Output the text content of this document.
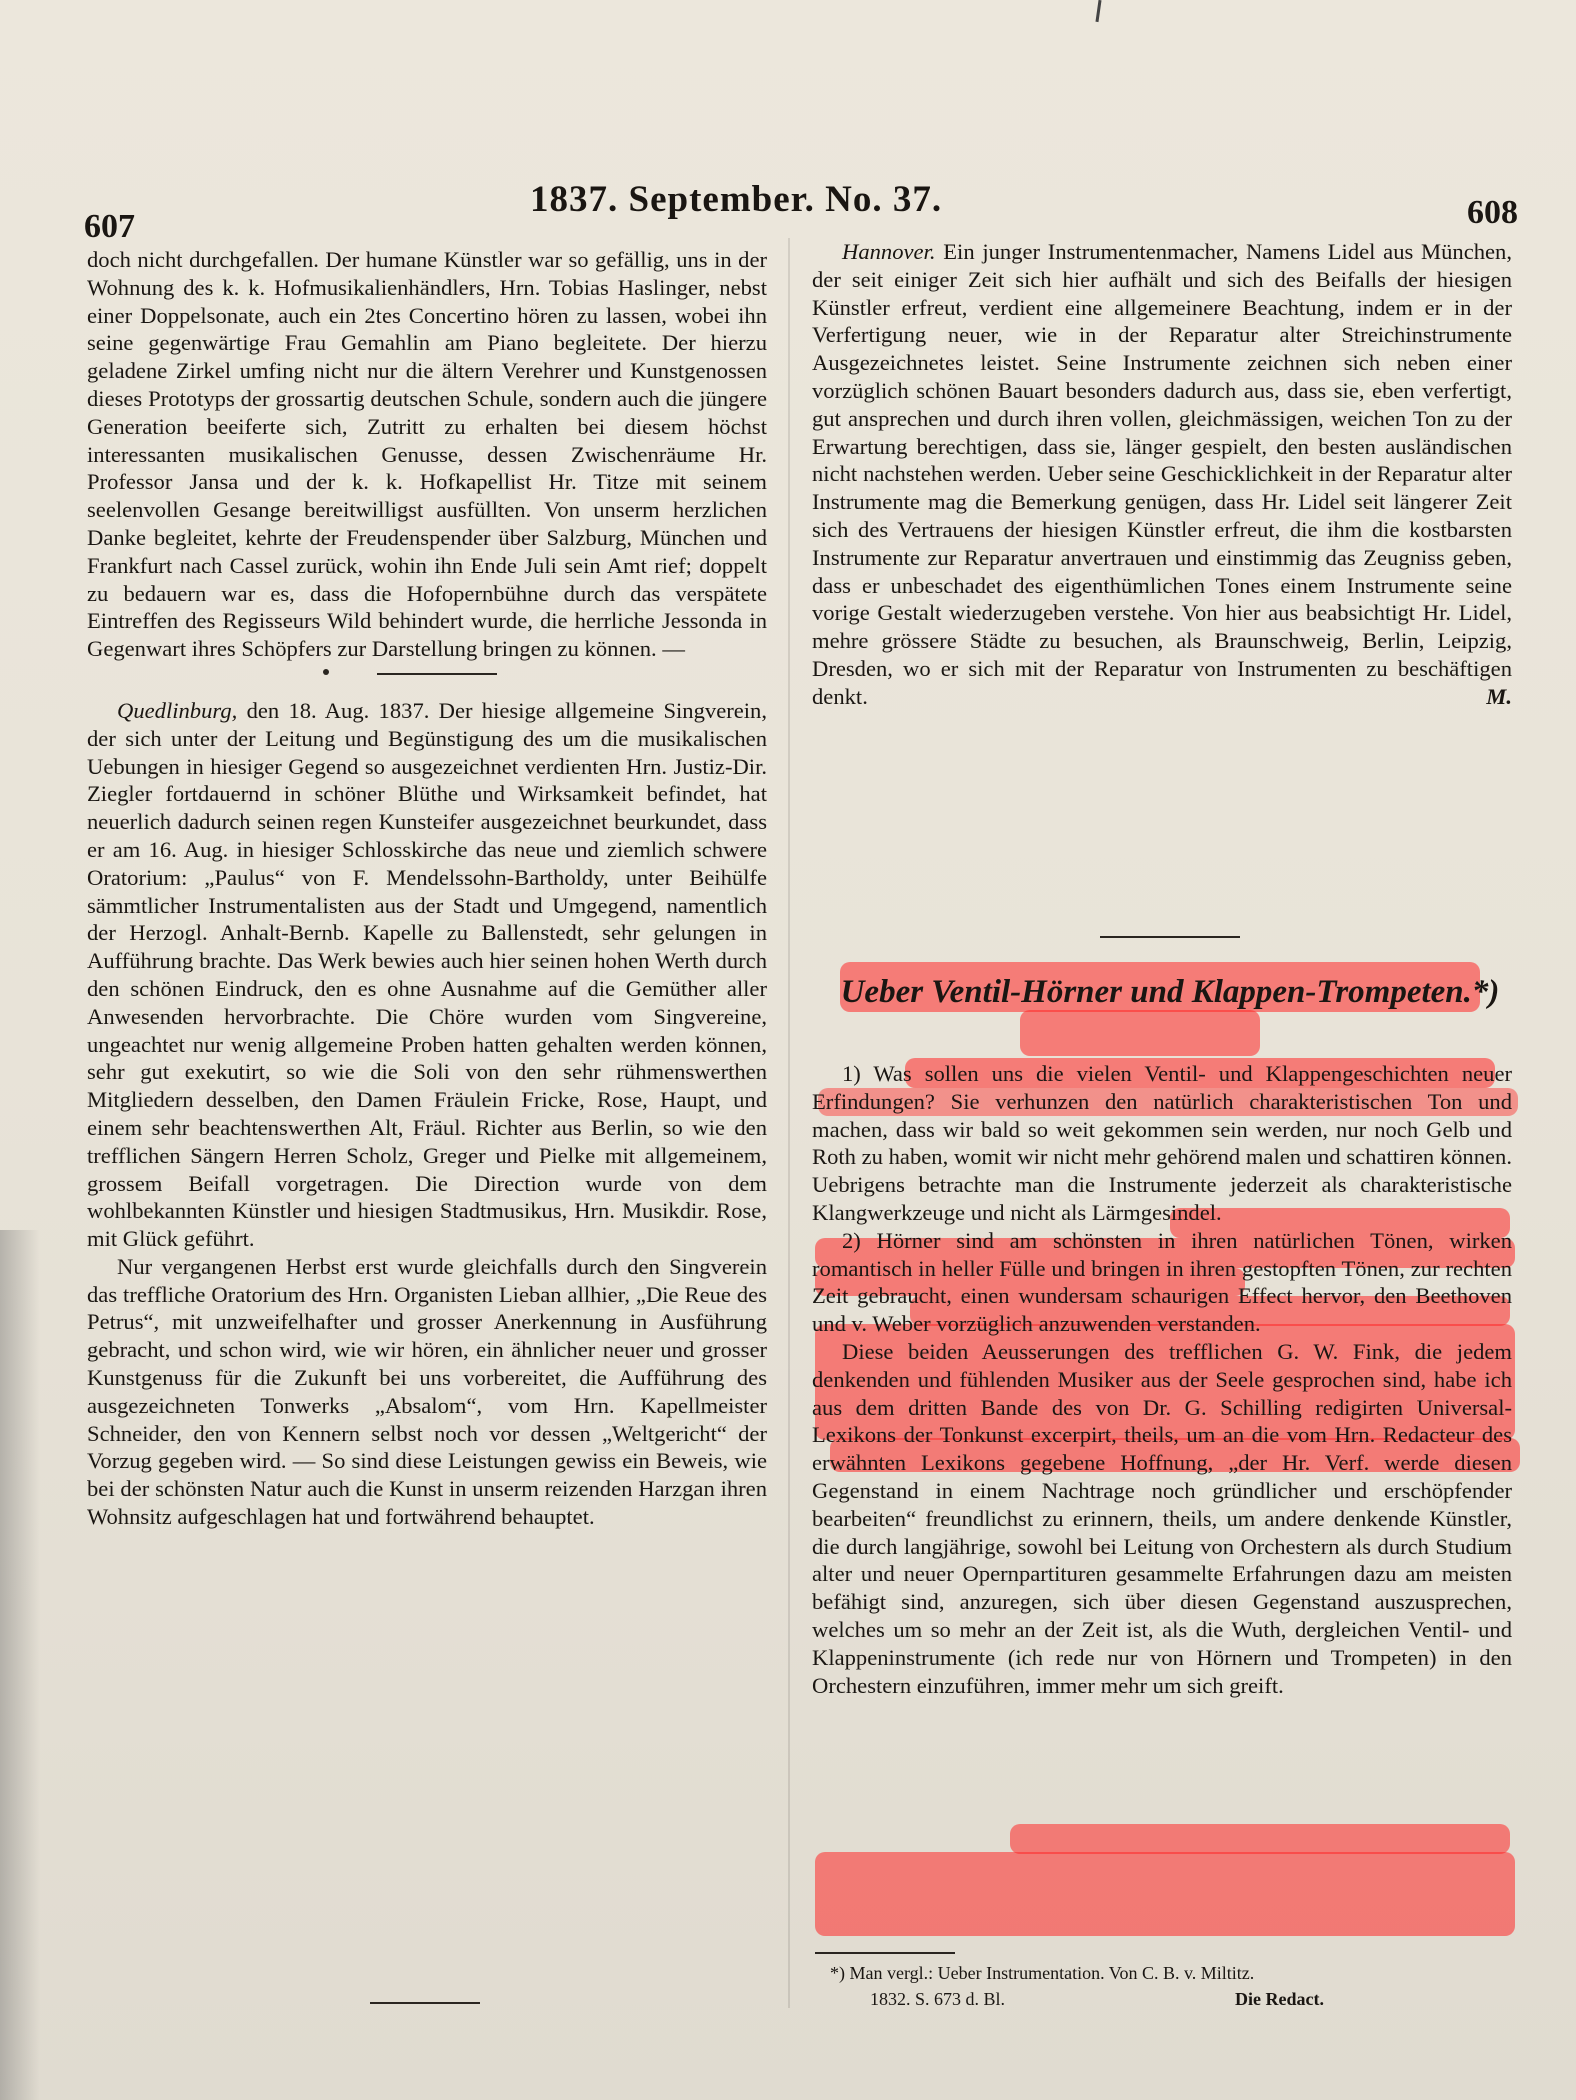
607
1837. September. No. 37.	608

doch nicht durchgefallen. Der humane Künstler war so gefällig, uns in der Wohnung des k. k. Hofmusikalienhändlers, Hrn. Tobias Haslinger, nebst einer Doppelsonate, auch ein 2tes Concertino hören zu lassen, wobei ihn seine gegenwärtige Frau Gemahlin am Piano begleitete. Der hierzu geladene Zirkel umfing nicht nur die ältern Verehrer und Kunstgenossen dieses Prototyps der grossartig deutschen Schule, sondern auch die jüngere Generation beeiferte sich, Zutritt zu erhalten bei diesem höchst interessanten musikalischen Genusse, dessen Zwischenräume Hr. Professor Jansa und der k. k. Hofkapellist Hr. Titze mit seinem seelenvollen Gesange bereitwilligst ausfüllten. Von unserm herzlichen Danke begleitet, kehrte der Freudenspender über Salzburg, München und Frankfurt nach Cassel zurück, wohin ihn Ende Juli sein Amt rief; doppelt zu bedauern war es, dass die Hofopernbühne durch das verspätete Eintreffen des Regisseurs Wild behindert wurde, die herrliche Jessonda in Gegenwart ihres Schöpfers zur Darstellung bringen zu können. —

Quedlinburg, den 18. Aug. 1837. Der hiesige allgemeine Singverein, der sich unter der Leitung und Begünstigung des um die musikalischen Uebungen in hiesiger Gegend so ausgezeichnet verdienten Hrn. Justiz-Dir. Ziegler fortdauernd in schöner Blüthe und Wirksamkeit befindet, hat neuerlich dadurch seinen regen Kunsteifer ausgezeichnet beurkundet, dass er am 16. Aug. in hiesiger Schlosskirche das neue und ziemlich schwere Oratorium: „Paulus“ von F. Mendelssohn-Bartholdy, unter Beihülfe sämmtlicher Instrumentalisten aus der Stadt und Umgegend, namentlich der Herzogl. Anhalt-Bernb. Kapelle zu Ballenstedt, sehr gelungen in Aufführung brachte. Das Werk bewies auch hier seinen hohen Werth durch den schönen Eindruck, den es ohne Ausnahme auf die Gemüther aller Anwesenden hervorbrachte. Die Chöre wurden vom Singvereine, ungeachtet nur wenig allgemeine Proben hatten gehalten werden können, sehr gut exekutirt, so wie die Soli von den sehr rühmenswerthen Mitgliedern desselben, den Damen Fräulein Fricke, Rose, Haupt, und einem sehr beachtenswerthen Alt, Fräul. Richter aus Berlin, so wie den trefflichen Sängern Herren Scholz, Greger und Pielke mit allgemeinem, grossem Beifall vorgetragen. Die Direction wurde von dem wohlbekannten Künstler und hiesigen Stadtmusikus, Hrn. Musikdir. Rose, mit Glück geführt.

Nur vergangenen Herbst erst wurde gleichfalls durch den Singverein das treffliche Oratorium des Hrn. Organisten Lieban allhier, „Die Reue des Petrus“, mit unzweifelhafter und grosser Anerkennung in Ausführung gebracht, und schon wird, wie wir hören, ein ähnlicher neuer und grosser Kunstgenuss für die Zukunft bei uns vorbereitet, die Aufführung des ausgezeichneten Tonwerks „Absalom“, vom Hrn. Kapellmeister Schneider, den von Kennern selbst noch vor dessen „Weltgericht“ der Vorzug gegeben wird. — So sind diese Leistungen gewiss ein Beweis, wie bei der schönsten Natur auch die Kunst in unserm reizenden Harzgan ihren Wohnsitz aufgeschlagen hat und fortwährend behauptet.

Hannover. Ein junger Instrumentenmacher, Namens Lidel aus München, der seit einiger Zeit sich hier aufhält und sich des Beifalls der hiesigen Künstler erfreut, verdient eine allgemeinere Beachtung, indem er in der Verfertigung neuer, wie in der Reparatur alter Streichinstrumente Ausgezeichnetes leistet. Seine Instrumente zeichnen sich neben einer vorzüglich schönen Bauart besonders dadurch aus, dass sie, eben verfertigt, gut ansprechen und durch ihren vollen, gleichmässigen, weichen Ton zu der Erwartung berechtigen, dass sie, länger gespielt, den besten ausländischen nicht nachstehen werden. Ueber seine Geschicklichkeit in der Reparatur alter Instrumente mag die Bemerkung genügen, dass Hr. Lidel seit längerer Zeit sich des Vertrauens der hiesigen Künstler erfreut, die ihm die kostbarsten Instrumente zur Reparatur anvertrauen und einstimmig das Zeugniss geben, dass er unbeschadet des eigenthümlichen Tones einem Instrumente seine vorige Gestalt wiederzugeben verstehe. Von hier aus beabsichtigt Hr. Lidel, mehre grössere Städte zu besuchen, als Braunschweig, Berlin, Leipzig, Dresden, wo er sich mit der Reparatur von Instrumenten zu beschäftigen denkt.	M.

Ueber Ventil-Hörner und Klappen-Trompeten.*)

1) Was sollen uns die vielen Ventil- und Klappengeschichten neuer Erfindungen? Sie verhunzen den natürlich charakteristischen Ton und machen, dass wir bald so weit gekommen sein werden, nur noch Gelb und Roth zu haben, womit wir nicht mehr gehörend malen und schattiren können. Uebrigens betrachte man die Instrumente jederzeit als charakteristische Klangwerkzeuge und nicht als Lärmgesindel.

2) Hörner sind am schönsten in ihren natürlichen Tönen, wirken romantisch in heller Fülle und bringen in ihren gestopften Tönen, zur rechten Zeit gebraucht, einen wundersam schaurigen Effect hervor, den Beethoven und v. Weber vorzüglich anzuwenden verstanden.

Diese beiden Aeusserungen des trefflichen G. W. Fink, die jedem denkenden und fühlenden Musiker aus der Seele gesprochen sind, habe ich aus dem dritten Bande des von Dr. G. Schilling redigirten Universal-Lexikons der Tonkunst excerpirt, theils, um an die vom Hrn. Redacteur des erwähnten Lexikons gegebene Hoffnung, „der Hr. Verf. werde diesen Gegenstand in einem Nachtrage noch gründlicher und erschöpfender bearbeiten“ freundlichst zu erinnern, theils, um andere denkende Künstler, die durch langjährige, sowohl bei Leitung von Orchestern als durch Studium alter und neuer Opernpartituren gesammelte Erfahrungen dazu am meisten befähigt sind, anzuregen, sich über diesen Gegenstand auszusprechen, welches um so mehr an der Zeit ist, als die Wuth, dergleichen Ventil- und Klappeninstrumente (ich rede nur von Hörnern und Trompeten) in den Orchestern einzuführen, immer mehr um sich greift.

*) Man vergl.: Ueber Instrumentation. Von C. B. v. Miltitz.
1832. S. 673 d. Bl.	Die Redact.
